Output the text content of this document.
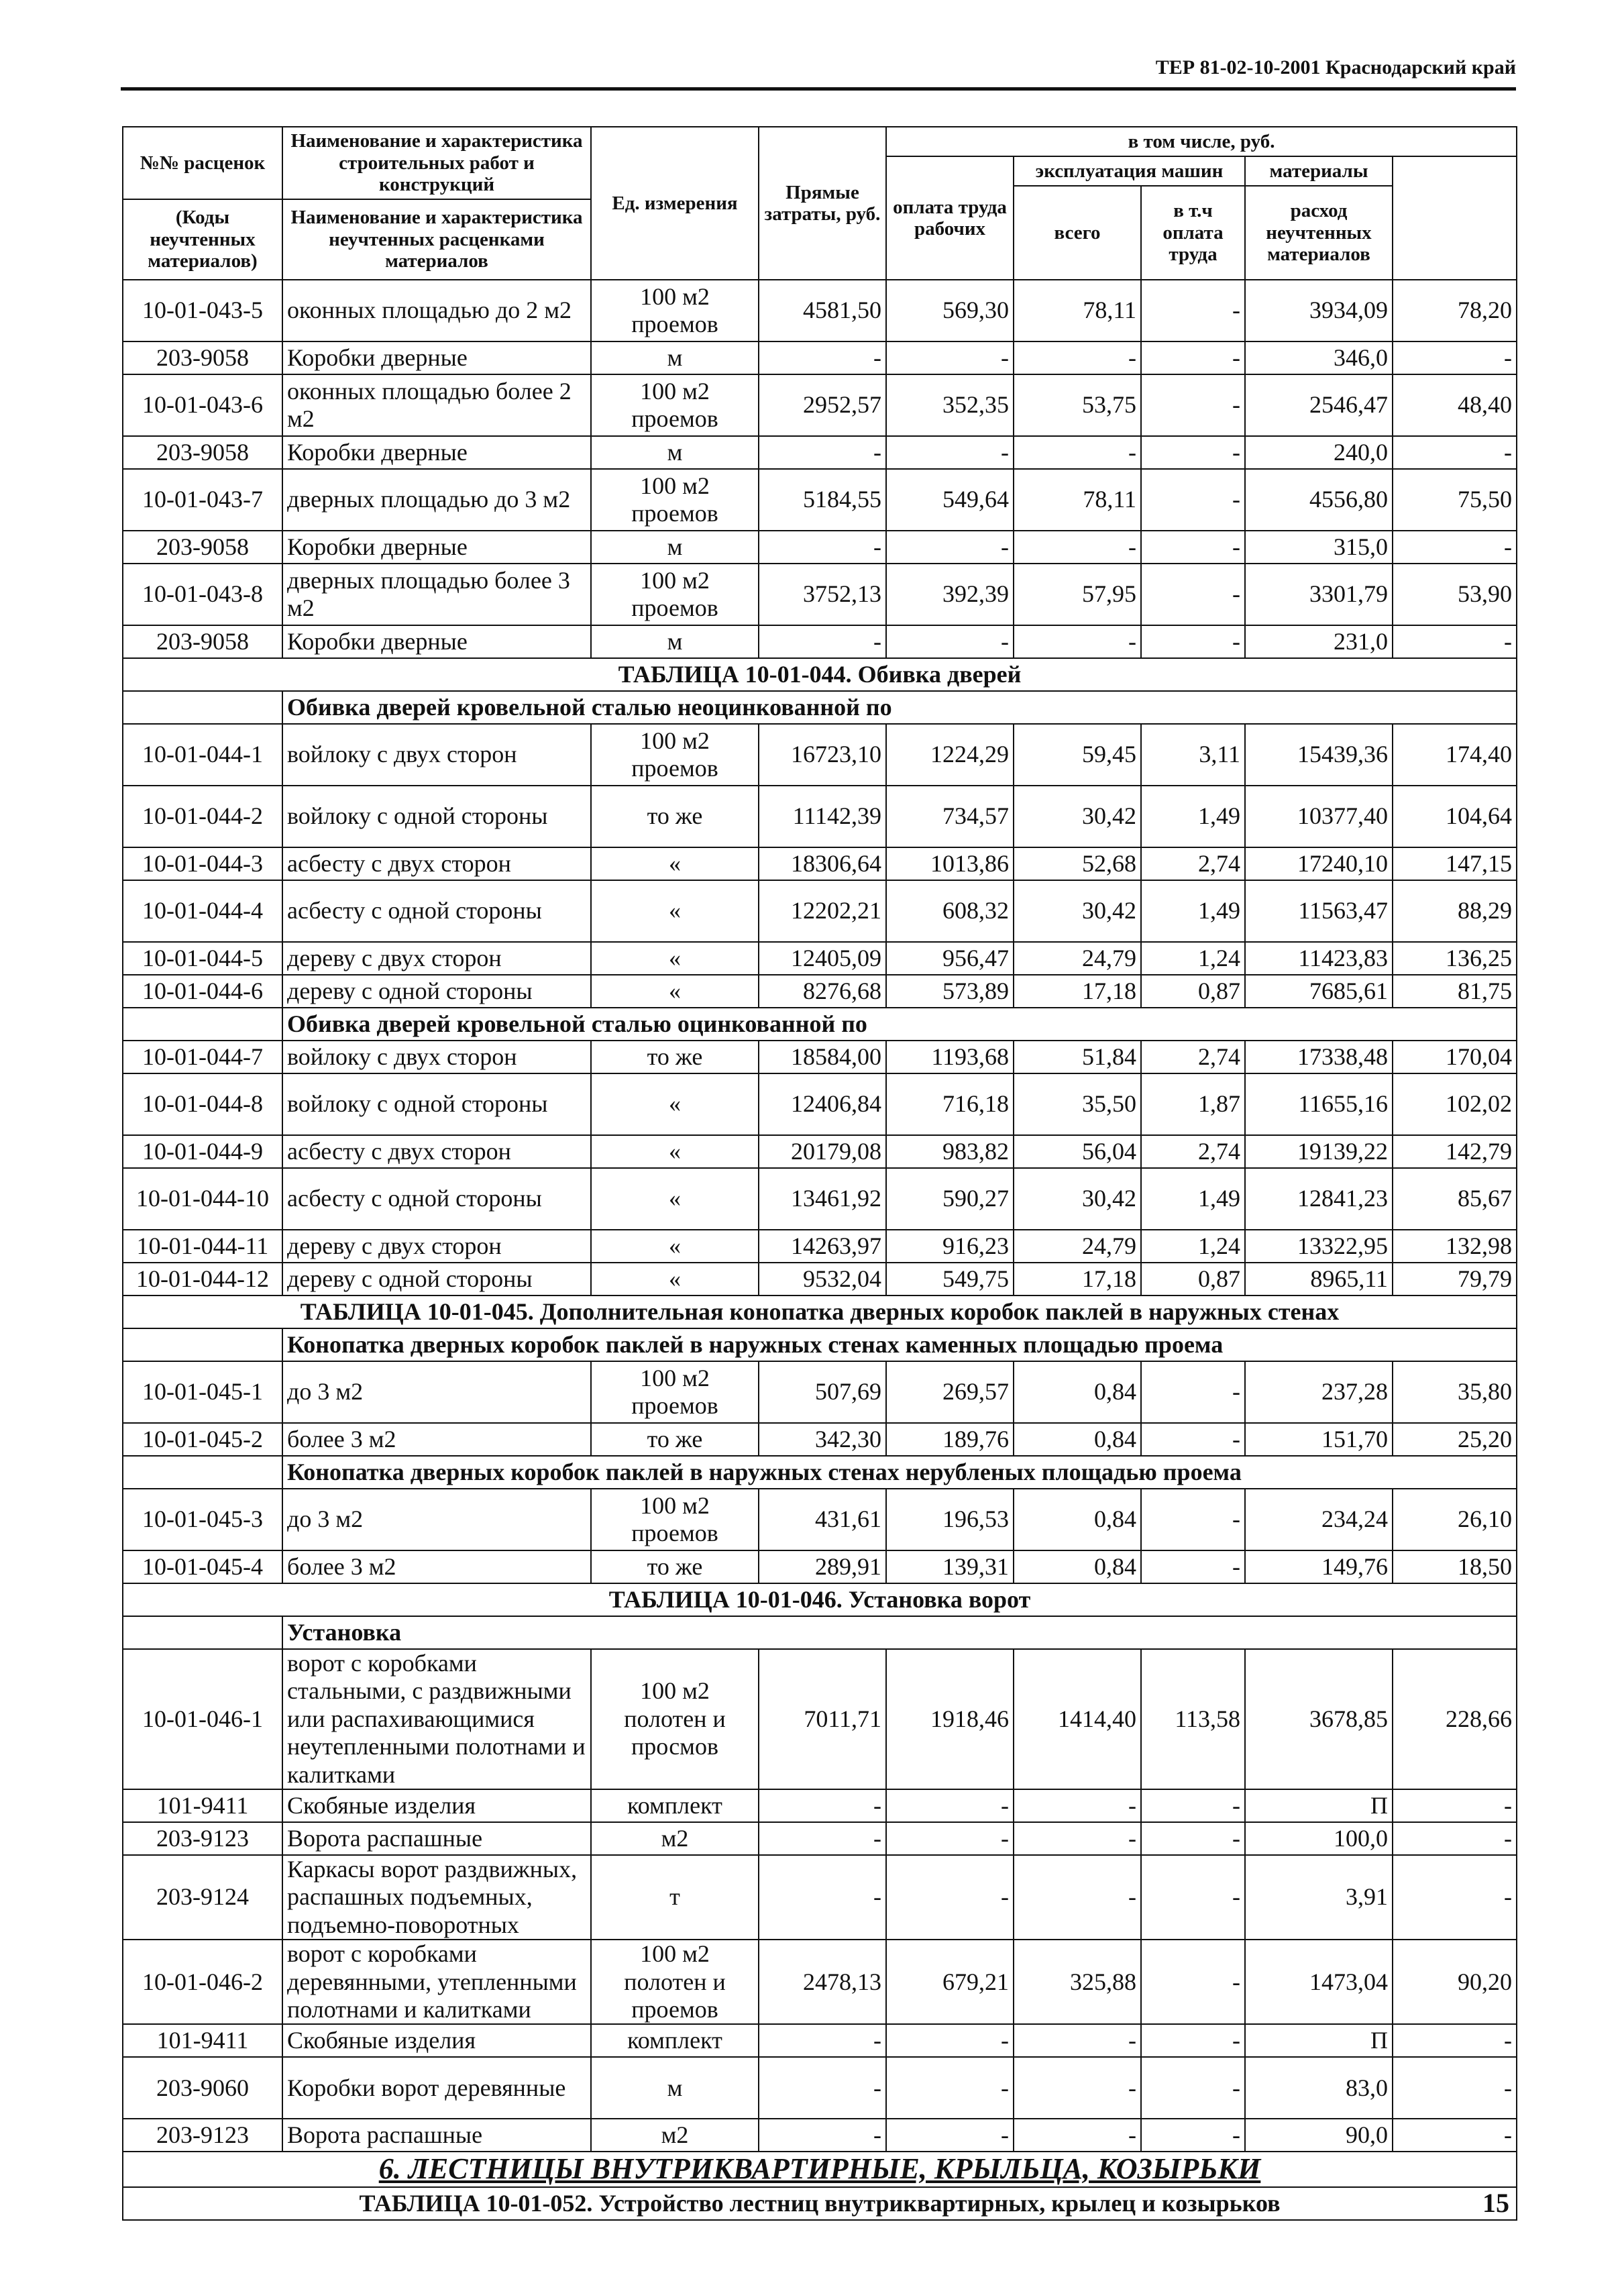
ТЕР 81-02-10-2001 Краснодарский край
№№ расценок	Наименование и характеристика строительных работ и конструкций	Ед. измерения	Прямые затраты, руб.	в том числе, руб.	
				оплата труда рабочих	эксплуатация машин		материалы		
					всего	в т.ч оплата труда	расход неучтенных материалов		
(Коды неучтенных материалов)	Наименование и характеристика неучтенных расценками материалов								

10-01-043-5	оконных площадью до 2 м2	100 м2 проемов	4581,50	569,30	78,11	-	3934,09	78,20	
203-9058	Коробки дверные	м	-	-	-	-	346,0	-	
10-01-043-6	оконных площадью более 2 м2	100 м2 проемов	2952,57	352,35	53,75	-	2546,47	48,40	
203-9058	Коробки дверные	м	-	-	-	-	240,0	-	
10-01-043-7	дверных площадью до 3 м2	100 м2 проемов	5184,55	549,64	78,11	-	4556,80	75,50	
203-9058	Коробки дверные	м	-	-	-	-	315,0	-	
10-01-043-8	дверных площадью более 3 м2	100 м2 проемов	3752,13	392,39	57,95	-	3301,79	53,90	
203-9058	Коробки дверные	м	-	-	-	-	231,0	-	
ТАБЛИЦА 10-01-044. Обивка дверей									
	Обивка дверей кровельной сталью неоцинкованной по								
10-01-044-1	войлоку с двух сторон	100 м2 проемов	16723,10	1224,29	59,45	3,11	15439,36	174,40	
10-01-044-2	войлоку с одной стороны	то же	11142,39	734,57	30,42	1,49	10377,40	104,64	
10-01-044-3	асбесту с двух сторон	«	18306,64	1013,86	52,68	2,74	17240,10	147,15	
10-01-044-4	асбесту с одной стороны	«	12202,21	608,32	30,42	1,49	11563,47	88,29	
10-01-044-5	дереву с двух сторон	«	12405,09	956,47	24,79	1,24	11423,83	136,25	
10-01-044-6	дереву с одной стороны	«	8276,68	573,89	17,18	0,87	7685,61	81,75	
	Обивка дверей кровельной сталью оцинкованной по								
10-01-044-7	войлоку с двух сторон	то же	18584,00	1193,68	51,84	2,74	17338,48	170,04	
10-01-044-8	войлоку с одной стороны	«	12406,84	716,18	35,50	1,87	11655,16	102,02	
10-01-044-9	асбесту с двух сторон	«	20179,08	983,82	56,04	2,74	19139,22	142,79	
10-01-044-10	асбесту с одной стороны	«	13461,92	590,27	30,42	1,49	12841,23	85,67	
10-01-044-11	дереву с двух сторон	«	14263,97	916,23	24,79	1,24	13322,95	132,98	
10-01-044-12	дереву с одной стороны	«	9532,04	549,75	17,18	0,87	8965,11	79,79	
ТАБЛИЦА 10-01-045. Дополнительная конопатка дверных коробок паклей в наружных стенах									
	Конопатка дверных коробок паклей в наружных стенах каменных площадью проема								
10-01-045-1	до 3 м2	100 м2 проемов	507,69	269,57	0,84	-	237,28	35,80	
10-01-045-2	более 3 м2	то же	342,30	189,76	0,84	-	151,70	25,20	
	Конопатка дверных коробок паклей в наружных стенах нерубленых площадью проема								
10-01-045-3	до 3 м2	100 м2 проемов	431,61	196,53	0,84	-	234,24	26,10	
10-01-045-4	более 3 м2	то же	289,91	139,31	0,84	-	149,76	18,50	
ТАБЛИЦА 10-01-046. Установка ворот									
	Установка								
10-01-046-1	ворот с коробками стальными, с раздвижными или распахивающимися неутепленными полотнами и калитками	100 м2 полотен и просмов	7011,71	1918,46	1414,40	113,58	3678,85	228,66	
101-9411	Скобяные изделия	комплект	-	-	-	-	П	-	
203-9123	Ворота распашные	м2	-	-	-	-	100,0	-	
203-9124	Каркасы ворот раздвижных, распашных подъемных, подъемно-поворотных	т	-	-	-	-	3,91	-	
10-01-046-2	ворот с коробками деревянными, утепленными полотнами и калитками	100 м2 полотен и проемов	2478,13	679,21	325,88	-	1473,04	90,20	
101-9411	Скобяные изделия	комплект	-	-	-	-	П	-	
203-9060	Коробки ворот деревянные	м	-	-	-	-	83,0	-	
203-9123	Ворота распашные	м2	-	-	-	-	90,0	-	
6. ЛЕСТНИЦЫ ВНУТРИКВАРТИРНЫЕ, КРЫЛЬЦА, КОЗЫРЬКИ									
ТАБЛИЦА 10-01-052. Устройство лестниц внутриквартирных, крылец и козырьков										15
